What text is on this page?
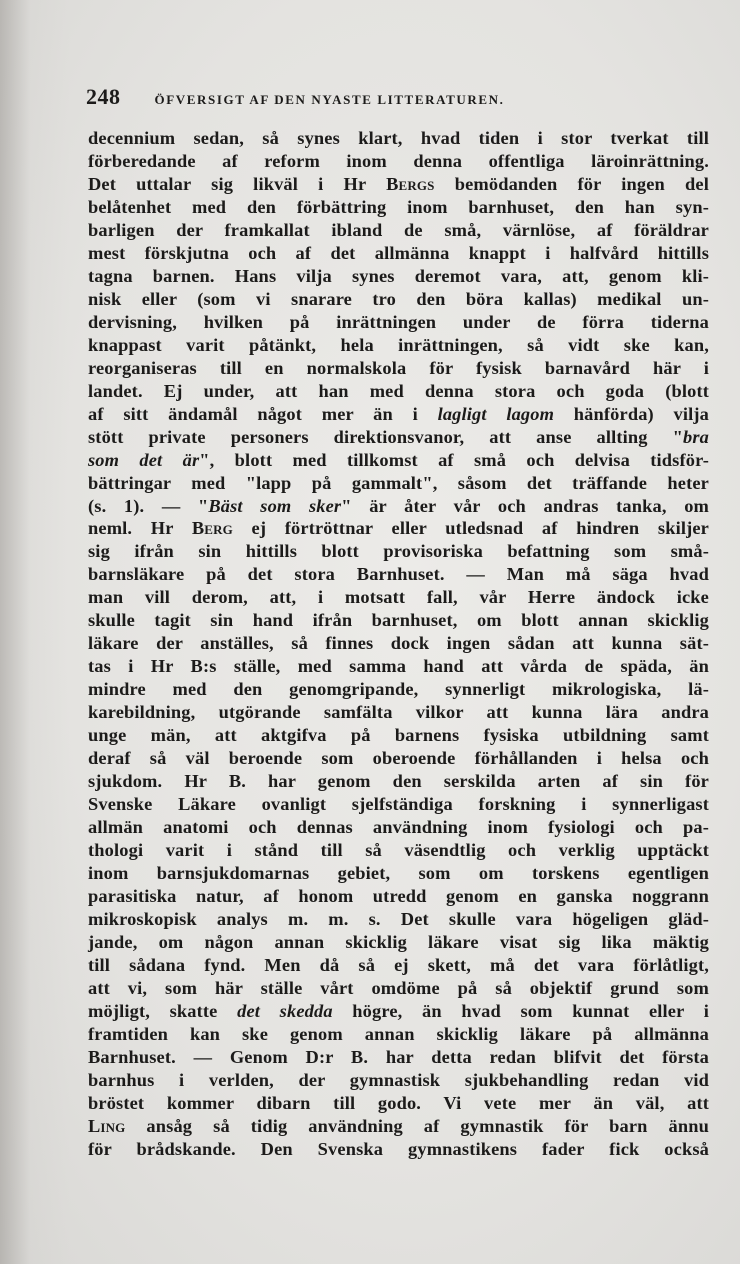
248	ÖFVERSIGT AF DEN NYASTE LITTERATUREN.
decennium sedan, så synes klart, hvad tiden i stor tverkat till
förberedande af reform inom denna offentliga läroinrättning.
Det uttalar sig likväl i Hr Bergs bemödanden för ingen del
belåtenhet med den förbättring inom barnhuset, den han syn-
barligen der framkallat ibland de små, värnlöse, af föräldrar
mest förskjutna och af det allmänna knappt i halfvård hittills
tagna barnen. Hans vilja synes deremot vara, att, genom kli-
nisk eller (som vi snarare tro den böra kallas) medikal un-
dervisning, hvilken på inrättningen under de förra tiderna
knappast varit påtänkt, hela inrättningen, så vidt ske kan,
reorganiseras till en normalskola för fysisk barnavård här i
landet. Ej under, att han med denna stora och goda (blott
af sitt ändamål något mer än i lagligt lagom hänförda) vilja
stött private personers direktionsvanor, att anse allting "bra
som det är", blott med tillkomst af små och delvisa tidsför-
bättringar med "lapp på gammalt", såsom det träffande heter
(s. 1). — "Bäst som sker" är åter vår och andras tanka, om
neml. Hr Berg ej förtröttnar eller utledsnad af hindren skiljer
sig ifrån sin hittills blott provisoriska befattning som små-
barnsläkare på det stora Barnhuset. — Man må säga hvad
man vill derom, att, i motsatt fall, vår Herre ändock icke
skulle tagit sin hand ifrån barnhuset, om blott annan skicklig
läkare der anställes, så finnes dock ingen sådan att kunna sät-
tas i Hr B:s ställe, med samma hand att vårda de späda, än
mindre med den genomgripande, synnerligt mikrologiska, lä-
karebildning, utgörande samfälta vilkor att kunna lära andra
unge män, att aktgifva på barnens fysiska utbildning samt
deraf så väl beroende som oberoende förhållanden i helsa och
sjukdom. Hr B. har genom den serskilda arten af sin för
Svenske Läkare ovanligt sjelfständiga forskning i synnerligast
allmän anatomi och dennas användning inom fysiologi och pa-
thologi varit i stånd till så väsendtlig och verklig upptäckt
inom barnsjukdomarnas gebiet, som om torskens egentligen
parasitiska natur, af honom utredd genom en ganska noggrann
mikroskopisk analys m. m. s. Det skulle vara högeligen gläd-
jande, om någon annan skicklig läkare visat sig lika mäktig
till sådana fynd. Men då så ej skett, må det vara förlåtligt,
att vi, som här ställe vårt omdöme på så objektif grund som
möjligt, skatte det skedda högre, än hvad som kunnat eller i
framtiden kan ske genom annan skicklig läkare på allmänna
Barnhuset. — Genom D:r B. har detta redan blifvit det första
barnhus i verlden, der gymnastisk sjukbehandling redan vid
bröstet kommer dibarn till godo. Vi vete mer än väl, att
Ling ansåg så tidig användning af gymnastik för barn ännu
för brådskande. Den Svenska gymnastikens fader fick också
